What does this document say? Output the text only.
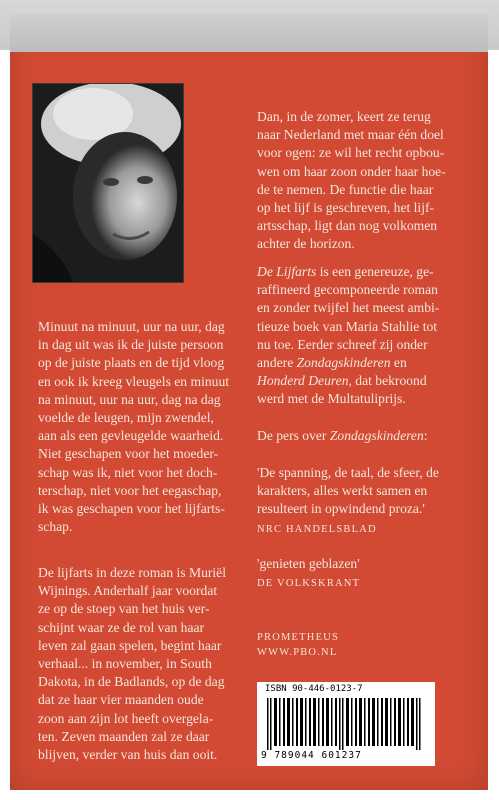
Minuut na minuut, uur na uur, dag
in dag uit was ik de juiste persoon
op de juiste plaats en de tijd vloog
en ook ik kreeg vleugels en minuut
na minuut, uur na uur, dag na dag
voelde de leugen, mijn zwendel,
aan als een gevleugelde waarheid.
Niet geschapen voor het moeder-
schap was ik, niet voor het doch-
terschap, niet voor het eegaschap,
ik was geschapen voor het lijfarts-
schap.
De lijfarts in deze roman is Muriël
Wijnings. Anderhalf jaar voordat
ze op de stoep van het huis ver-
schijnt waar ze de rol van haar
leven zal gaan spelen, begint haar
verhaal... in november, in South
Dakota, in de Badlands, op de dag
dat ze haar vier maanden oude
zoon aan zijn lot heeft overgela-
ten. Zeven maanden zal ze daar
blijven, verder van huis dan ooit.
Dan, in de zomer, keert ze terug
naar Nederland met maar één doel
voor ogen: ze wil het recht opbou-
wen om haar zoon onder haar hoe-
de te nemen. De functie die haar
op het lijf is geschreven, het lijf-
artsschap, ligt dan nog volkomen
achter de horizon.
De Lijfarts is een genereuze, ge-
raffineerd gecomponeerde roman
en zonder twijfel het meest ambi-
tieuze boek van Maria Stahlie tot
nu toe. Eerder schreef zij onder
andere Zondagskinderen en
Honderd Deuren, dat bekroond
werd met de Multatuliprijs.
De pers over Zondagskinderen:
'De spanning, de taal, de sfeer, de
karakters, alles werkt samen en
resulteert in opwindend proza.'
NRC HANDELSBLAD
'genieten geblazen'
DE VOLKSKRANT
PROMETHEUS
WWW.PBO.NL
ISBN 90-446-0123-7
9 789044 601237
